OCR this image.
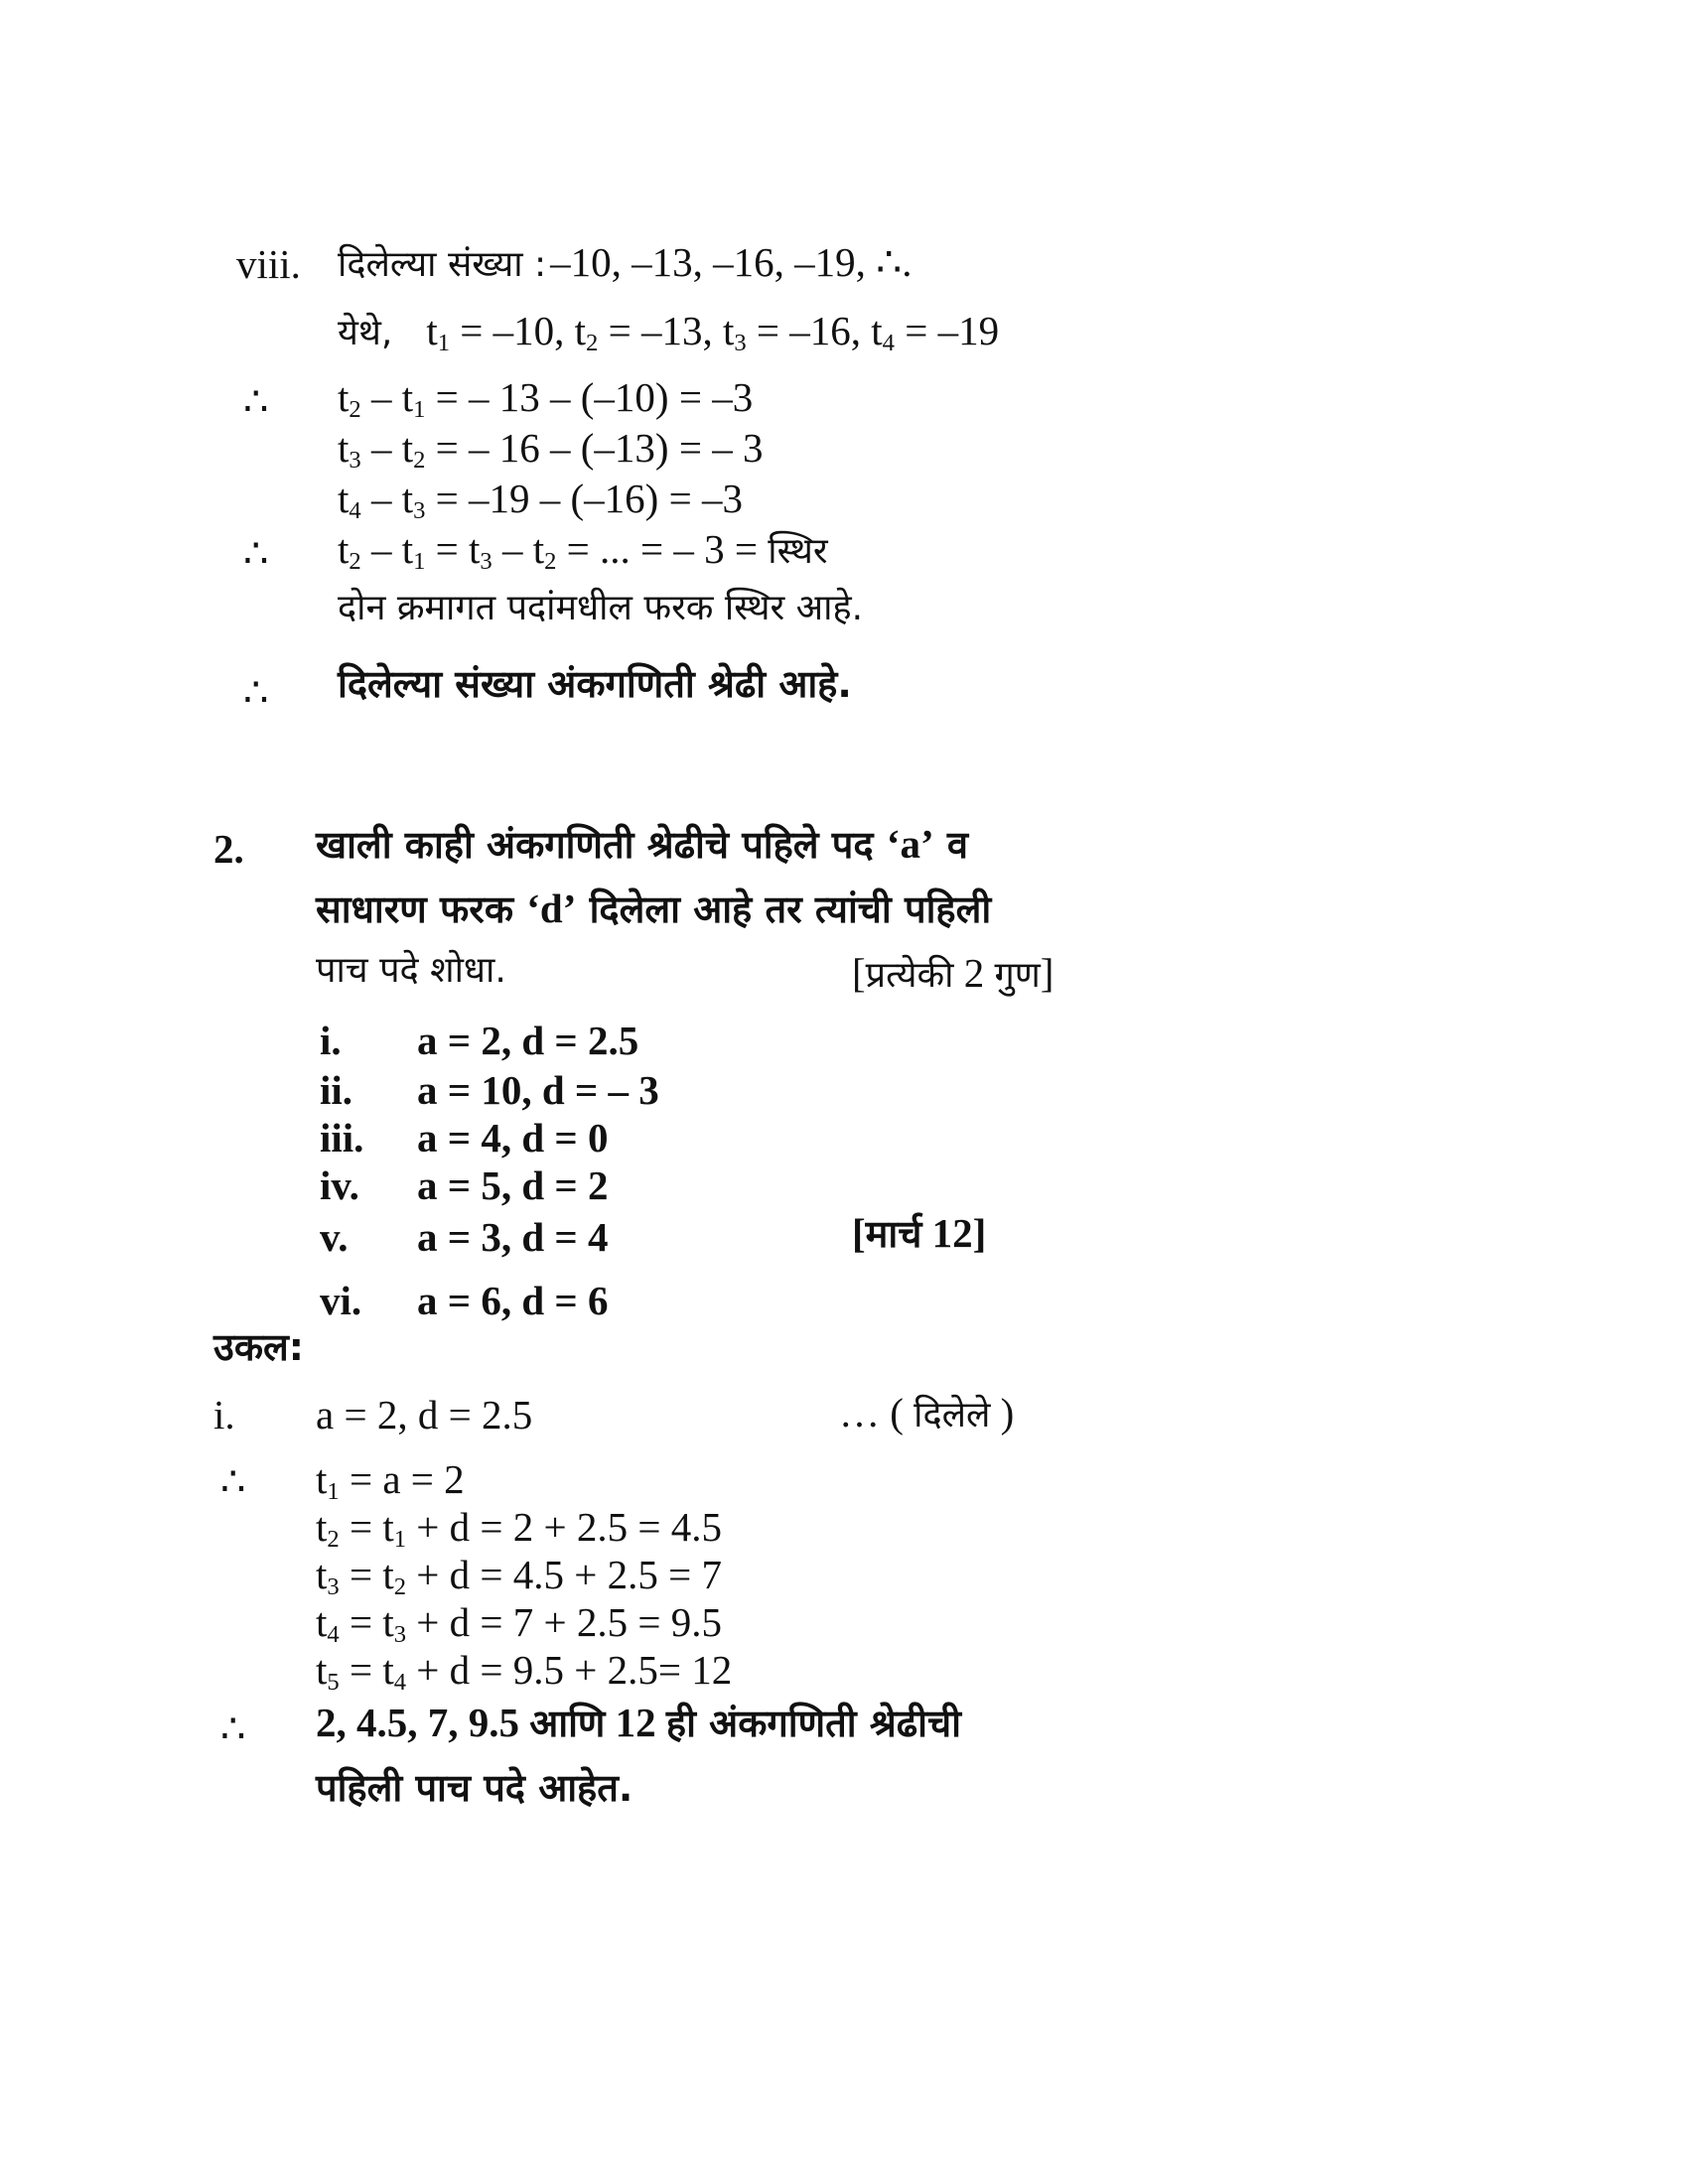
viii. दिलेल्या संख्या : –10, –13, –16, –19, ∴.
येथे, $t_1 = -10$, $t_2 = -13$, $t_3 = -16$, $t_4 = -19$
∴ $t_2 - t_1$ = – 13 – (–10) = –3
$t_3 - t_2$ = – 16 – (–13) = – 3
$t_4 - t_3 = -19 - (-16) = -3$
∴ $t_2 - t_1 = t_3 - t_2$ = ... = – 3 = स्थिर
दोन क्रमागत पदांमधील फरक स्थिर आहे.
∴ दिलेल्या संख्या अंकगणिती श्रेढी आहे.
2. खाली काही अंकगणिती श्रेढीचे पहिले पद ‘a’ व
साधारण फरक ‘d’ दिलेला आहे तर त्यांची पहिली
पाच पदे शोधा.	[प्रत्येकी 2 गुण]
i. a = 2, d = 2.5
ii. a = 10, d = – 3
iii. a = 4, d = 0
iv. a = 5, d = 2
v. a = 3, d = 4	[मार्च 12]
vi. a = 6, d = 6
उकल:
i. a = 2, d = 2.5	… ( दिलेले )
∴ $t_1 = a = 2$
$t_2 = t_1 + d = 2 + 2.5 = 4.5$
$t_3 = t_2 + d = 4.5 + 2.5 = 7$
$t_4 = t_3 + d = 7 + 2.5 = 9.5$
$t_5 = t_4 + d = 9.5 + 2.5= 12$
∴ 2, 4.5, 7, 9.5 आणि 12 ही अंकगणिती श्रेढीची
पहिली पाच पदे आहेत.
